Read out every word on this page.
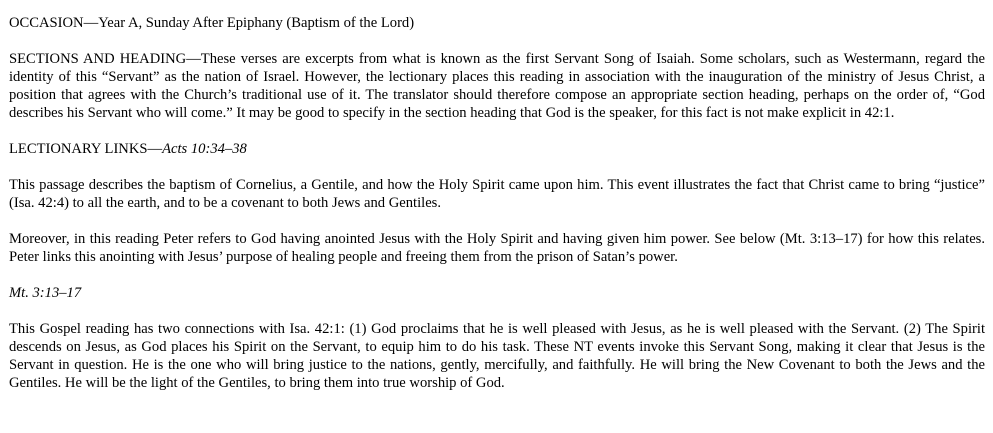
OCCASION—Year A, Sunday After Epiphany (Baptism of the Lord)

SECTIONS AND HEADING—These verses are excerpts from what is known as the first Servant Song of Isaiah. Some scholars, such as Westermann, regard the identity of this “Servant” as the nation of Israel. However, the lectionary places this reading in association with the inauguration of the ministry of Jesus Christ, a position that agrees with the Church’s traditional use of it. The translator should therefore compose an appropriate section heading, perhaps on the order of, “God describes his Servant who will come.” It may be good to specify in the section heading that God is the speaker, for this fact is not make explicit in 42:1.

LECTIONARY LINKS—Acts 10:34–38

This passage describes the baptism of Cornelius, a Gentile, and how the Holy Spirit came upon him. This event illustrates the fact that Christ came to bring “justice” (Isa. 42:4) to all the earth, and to be a covenant to both Jews and Gentiles.

Moreover, in this reading Peter refers to God having anointed Jesus with the Holy Spirit and having given him power. See below (Mt. 3:13–17) for how this relates. Peter links this anointing with Jesus’ purpose of healing people and freeing them from the prison of Satan’s power.

Mt. 3:13–17

This Gospel reading has two connections with Isa. 42:1: (1) God proclaims that he is well pleased with Jesus, as he is well pleased with the Servant. (2) The Spirit descends on Jesus, as God places his Spirit on the Servant, to equip him to do his task. These NT events invoke this Servant Song, making it clear that Jesus is the Servant in question. He is the one who will bring justice to the nations, gently, mercifully, and faithfully. He will bring the New Covenant to both the Jews and the Gentiles. He will be the light of the Gentiles, to bring them into true worship of God.
